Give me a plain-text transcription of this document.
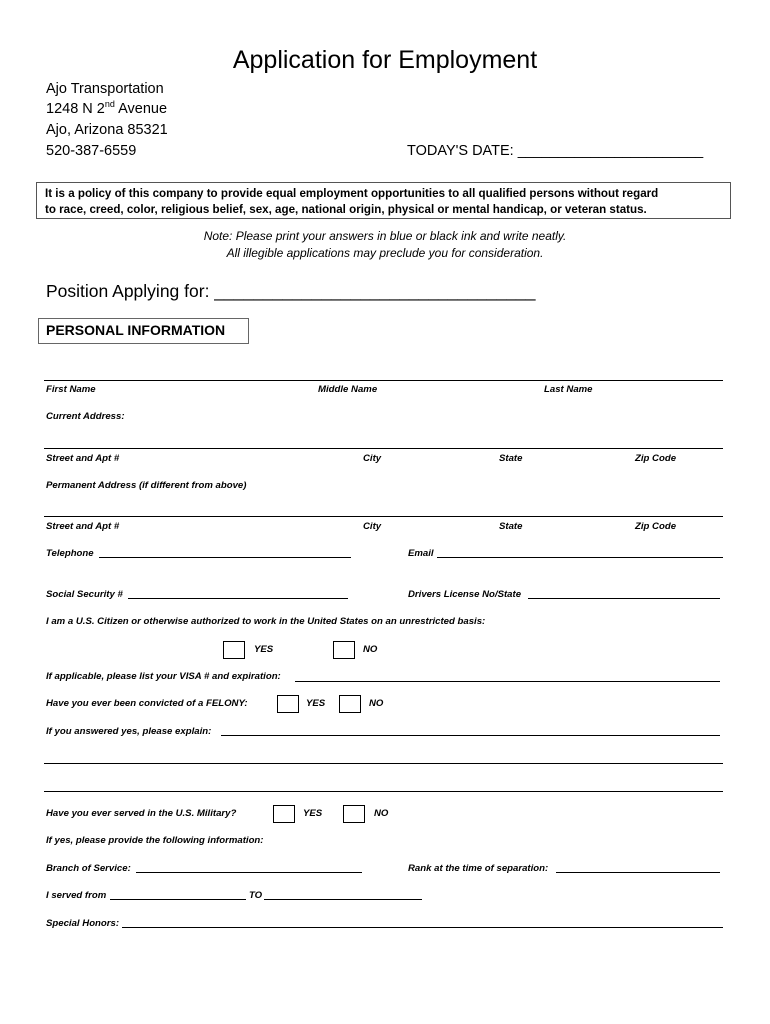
Application for Employment
Ajo Transportation
1248 N 2nd Avenue
Ajo, Arizona 85321
520-387-6559	TODAY'S DATE: _______________________
It is a policy of this company to provide equal employment opportunities to all qualified persons without regard
to race, creed, color, religious belief, sex, age, national origin, physical or mental handicap, or veteran status.
Note: Please print your answers in blue or black ink and write neatly.
All illegible applications may preclude you for consideration.
Position Applying for: _________________________________
PERSONAL INFORMATION
First Name	Middle Name	Last Name
Current Address:
Street and Apt #	City	State	Zip Code
Permanent Address (if different from above)
Street and Apt #	City	State	Zip Code
Telephone	Email
Social Security #	Drivers License No/State
I am a U.S. Citizen or otherwise authorized to work in the United States on an unrestricted basis:
YES	NO
If applicable, please list your VISA # and expiration:
Have you ever been convicted of a FELONY:	YES	NO
If you answered yes, please explain:
Have you ever served in the U.S. Military?	YES	NO
If yes, please provide the following information:
Branch of Service:	Rank at the time of separation:
I served from	TO
Special Honors:
